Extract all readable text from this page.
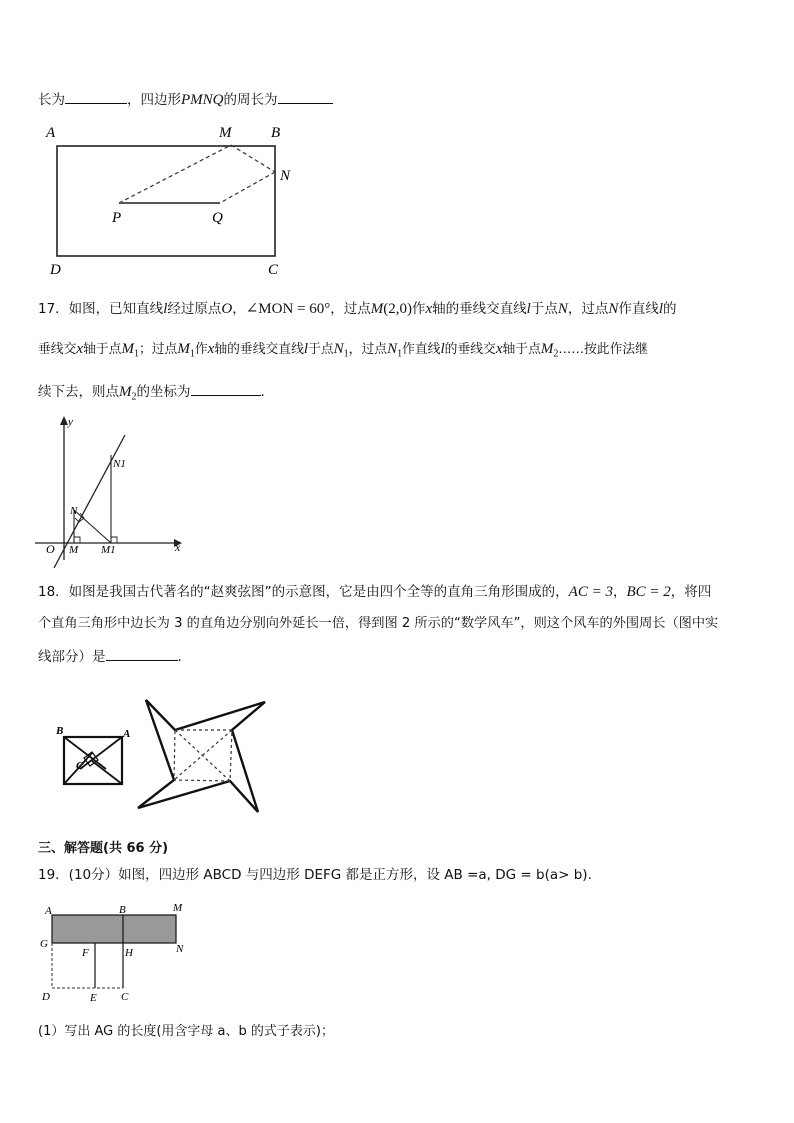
长为	，四边形PMNQ的周长为
A	M	B
N
P	Q
D	C
17．如图，已知直线l经过原点O，∠MON = 60°，过点M(2,0)作x轴的垂线交直线l于点N，过点N作直线l的
垂线交x轴于点$M_1$；过点$M_1$作x轴的垂线交直线l于点$N_1$，过点$N_1$作直线l的垂线交x轴于点$M_2\dots\dots$按此作法继
续下去，则点$M_2$的坐标为	.
y
x
O M M1
N
N1
18．如图是我国古代著名的“赵爽弦图”的示意图，它是由四个全等的直角三角形围成的，AC = 3，BC = 2，将四
个直角三角形中边长为 3 的直角边分别向外延长一倍，得到图 2 所示的“数学风车”，则这个风车的外围周长（图中实
线部分）是	.
B	A
C
三、解答题(共 66 分)
19．(10分）如图，四边形 ABCD 与四边形 DEFG 都是正方形，设 AB =a, DG = b(a> b).
A	B	M
G	N
F	H
D	E C
(1）写出 AG 的长度(用含字母 a、b 的式子表示)；
